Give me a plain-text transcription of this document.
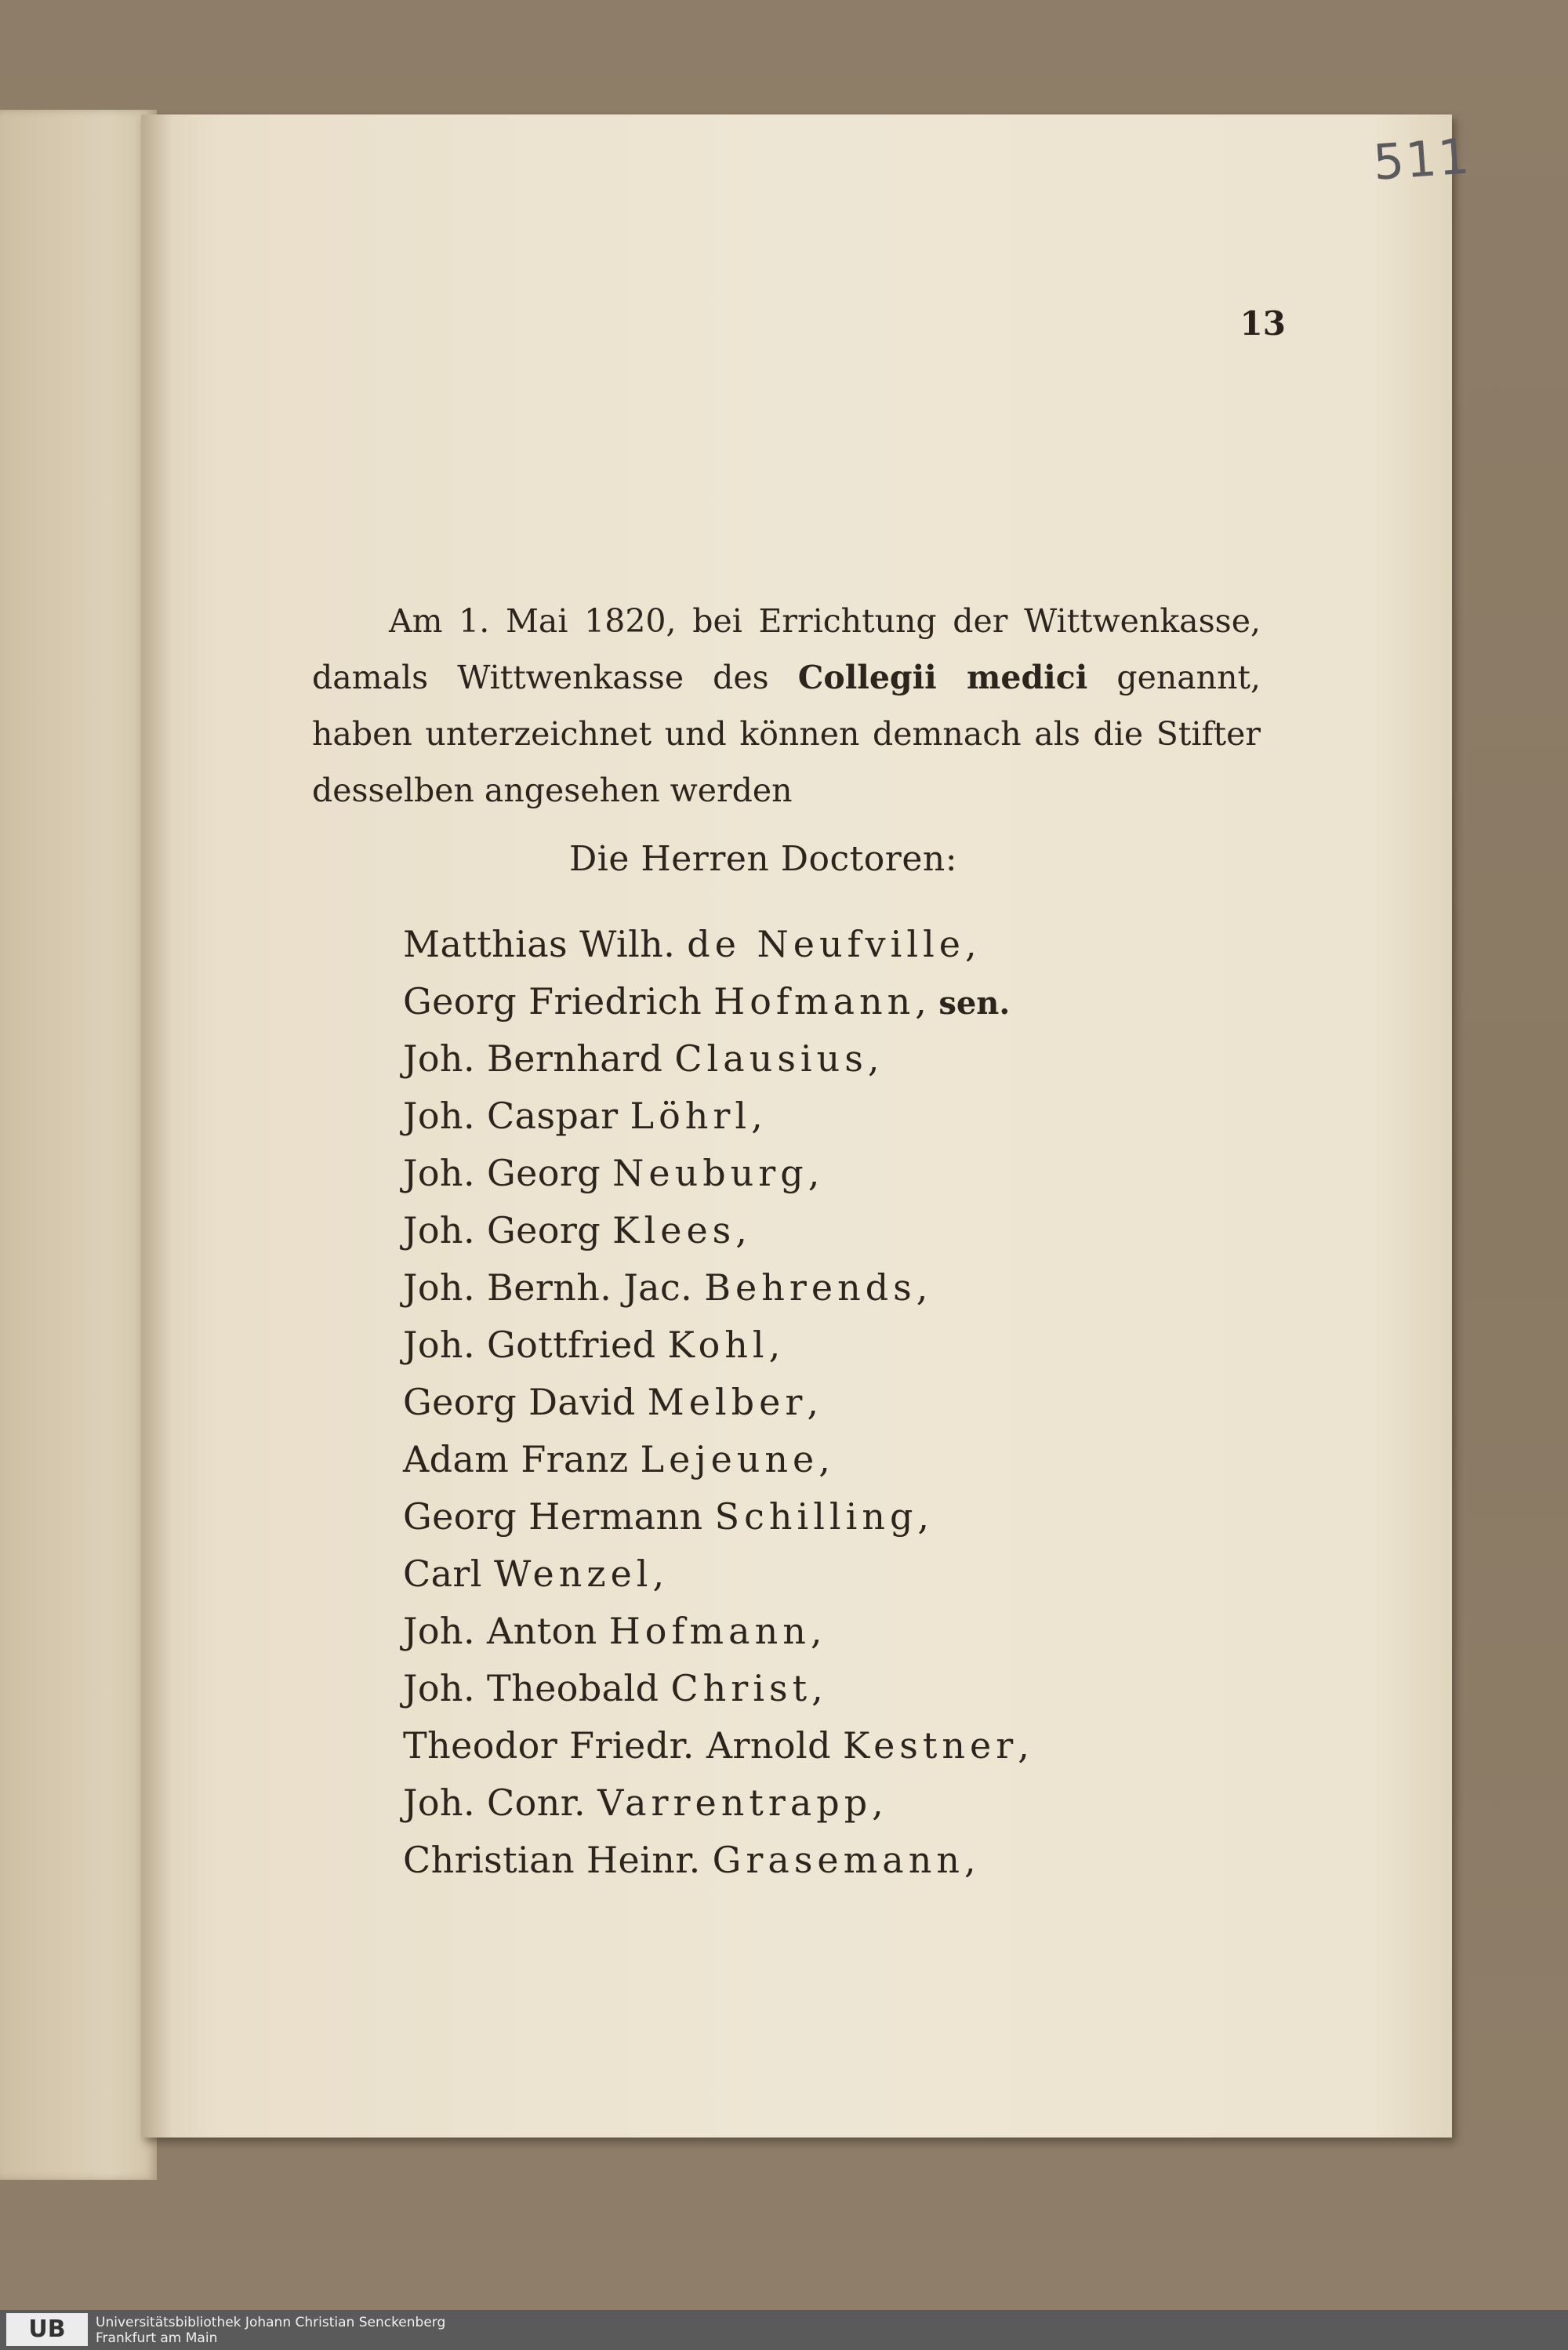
511
13
Am 1. Mai 1820, bei Errichtung der Wittwenkasse, damals Wittwenkasse des Collegii medici genannt, haben unterzeichnet und können demnach als die Stifter desselben angesehen werden
Die Herren Doctoren:
Matthias Wilh. de Neufville,
Georg Friedrich Hofmann, sen.
Joh. Bernhard Clausius,
Joh. Caspar Löhrl,
Joh. Georg Neuburg,
Joh. Georg Klees,
Joh. Bernh. Jac. Behrends,
Joh. Gottfried Kohl,
Georg David Melber,
Adam Franz Lejeune,
Georg Hermann Schilling,
Carl Wenzel,
Joh. Anton Hofmann,
Joh. Theobald Christ,
Theodor Friedr. Arnold Kestner,
Joh. Conr. Varrentrapp,
Christian Heinr. Grasemann,
UB	Universitätsbibliothek Johann Christian Senckenberg
Frankfurt am Main
